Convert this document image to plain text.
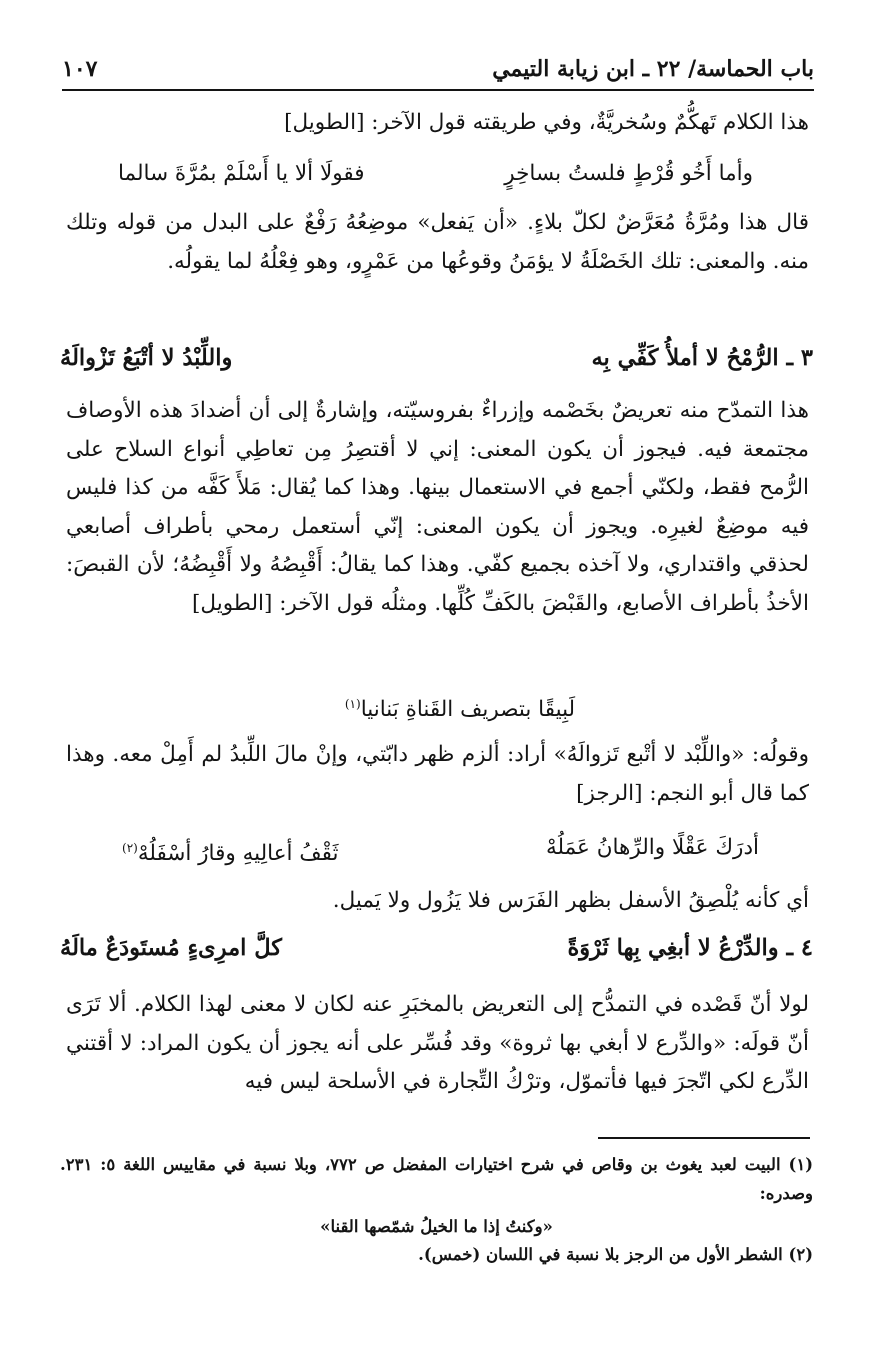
باب الحماسة/ ٢٢ ـ ابن زيابة التيمي
١٠٧

هذا الكلام تَهكُّمٌ وسُخريَّةٌ، وفي طريقته قول الآخر: [الطويل]

وأما أَخُو قُرْطٍ فلستُ بساخِرٍ
فقولَا ألا يا أَسْلَمْ بمُرَّةَ سالما

قال هذا ومُرَّةُ مُعَرَّضٌ لكلّ بلاءٍ. «أن يَفعل» موضِعُهُ رَفْعٌ على البدل من قوله وتلك منه. والمعنى: تلك الخَصْلَةُ لا يؤمَنُ وقوعُها من عَمْرٍو، وهو فِعْلُهُ لما يقولُه.

٣ ـ الرُّمْحُ لا أملأُ كَفِّي بِه
واللِّبْدُ لا أتْبَعُ تَزْوالَهُ

هذا التمدّح منه تعريضٌ بخَصْمه وإزراءٌ بفروسيّته، وإشارةٌ إلى أن أضدادَ هذه الأوصاف مجتمعة فيه. فيجوز أن يكون المعنى: إني لا أقتصِرُ مِن تعاطِي أنواع السلاح على الرُّمح فقط، ولكنّي أجمع في الاستعمال بينها. وهذا كما يُقال: مَلأَ كَفَّه من كذا فليس فيه موضِعٌ لغيرِه. ويجوز أن يكون المعنى: إنّي أستعمل رمحي بأطراف أصابعي لحذقي واقتداري، ولا آخذه بجميع كفّي. وهذا كما يقالُ: أَقْبِصُهُ ولا أَقْبِضُهُ؛ لأن القبصَ: الأخذُ بأطراف الأصابع، والقَبْضَ بالكَفِّ كُلِّها. ومثلُه قول الآخر: [الطويل]

لَبِيقًا بتصريف القَناةِ بَنانيا$^{(١)}$

وقولُه: «واللِّبْد لا أتْبع تَزوالَهُ» أراد: ألزم ظهر دابّتي، وإنْ مالَ اللِّبدُ لم أَمِلْ معه. وهذا كما قال أبو النجم: [الرجز]

أدرَكَ عَقْلًا والرِّهانُ عَمَلُهْ
ثَقْفُ أعالِيهِ وقارُ أسْفَلُهْ$^{(٢)}$

أي كأنه يُلْصِقُ الأسفل بظهر الفَرَس فلا يَزُول ولا يَميل.

٤ ـ والدِّرْعُ لا أبغِي بِها ثَرْوَةً
كلَّ امرِىءٍ مُستَودَعٌ مالَهُ

لولا أنّ قَصْده في التمدُّح إلى التعريض بالمخبَرِ عنه لكان لا معنى لهذا الكلام. ألا تَرَى أنّ قولَه: «والدِّرع لا أبغي بها ثروة» وقد فُسِّر على أنه يجوز أن يكون المراد: لا أقتني الدِّرع لكي اتّجرَ فيها فأتموّل، وترْكُ التِّجارة في الأسلحة ليس فيه

(١) البيت لعبد يغوث بن وقاص في شرح اختيارات المفضل ص ٧٧٢، وبلا نسبة في مقاييس اللغة ٥: ٢٣١. وصدره:
«وكنتُ إذا ما الخيلُ شمّصها القنا»
(٢) الشطر الأول من الرجز بلا نسبة في اللسان (خمس).
